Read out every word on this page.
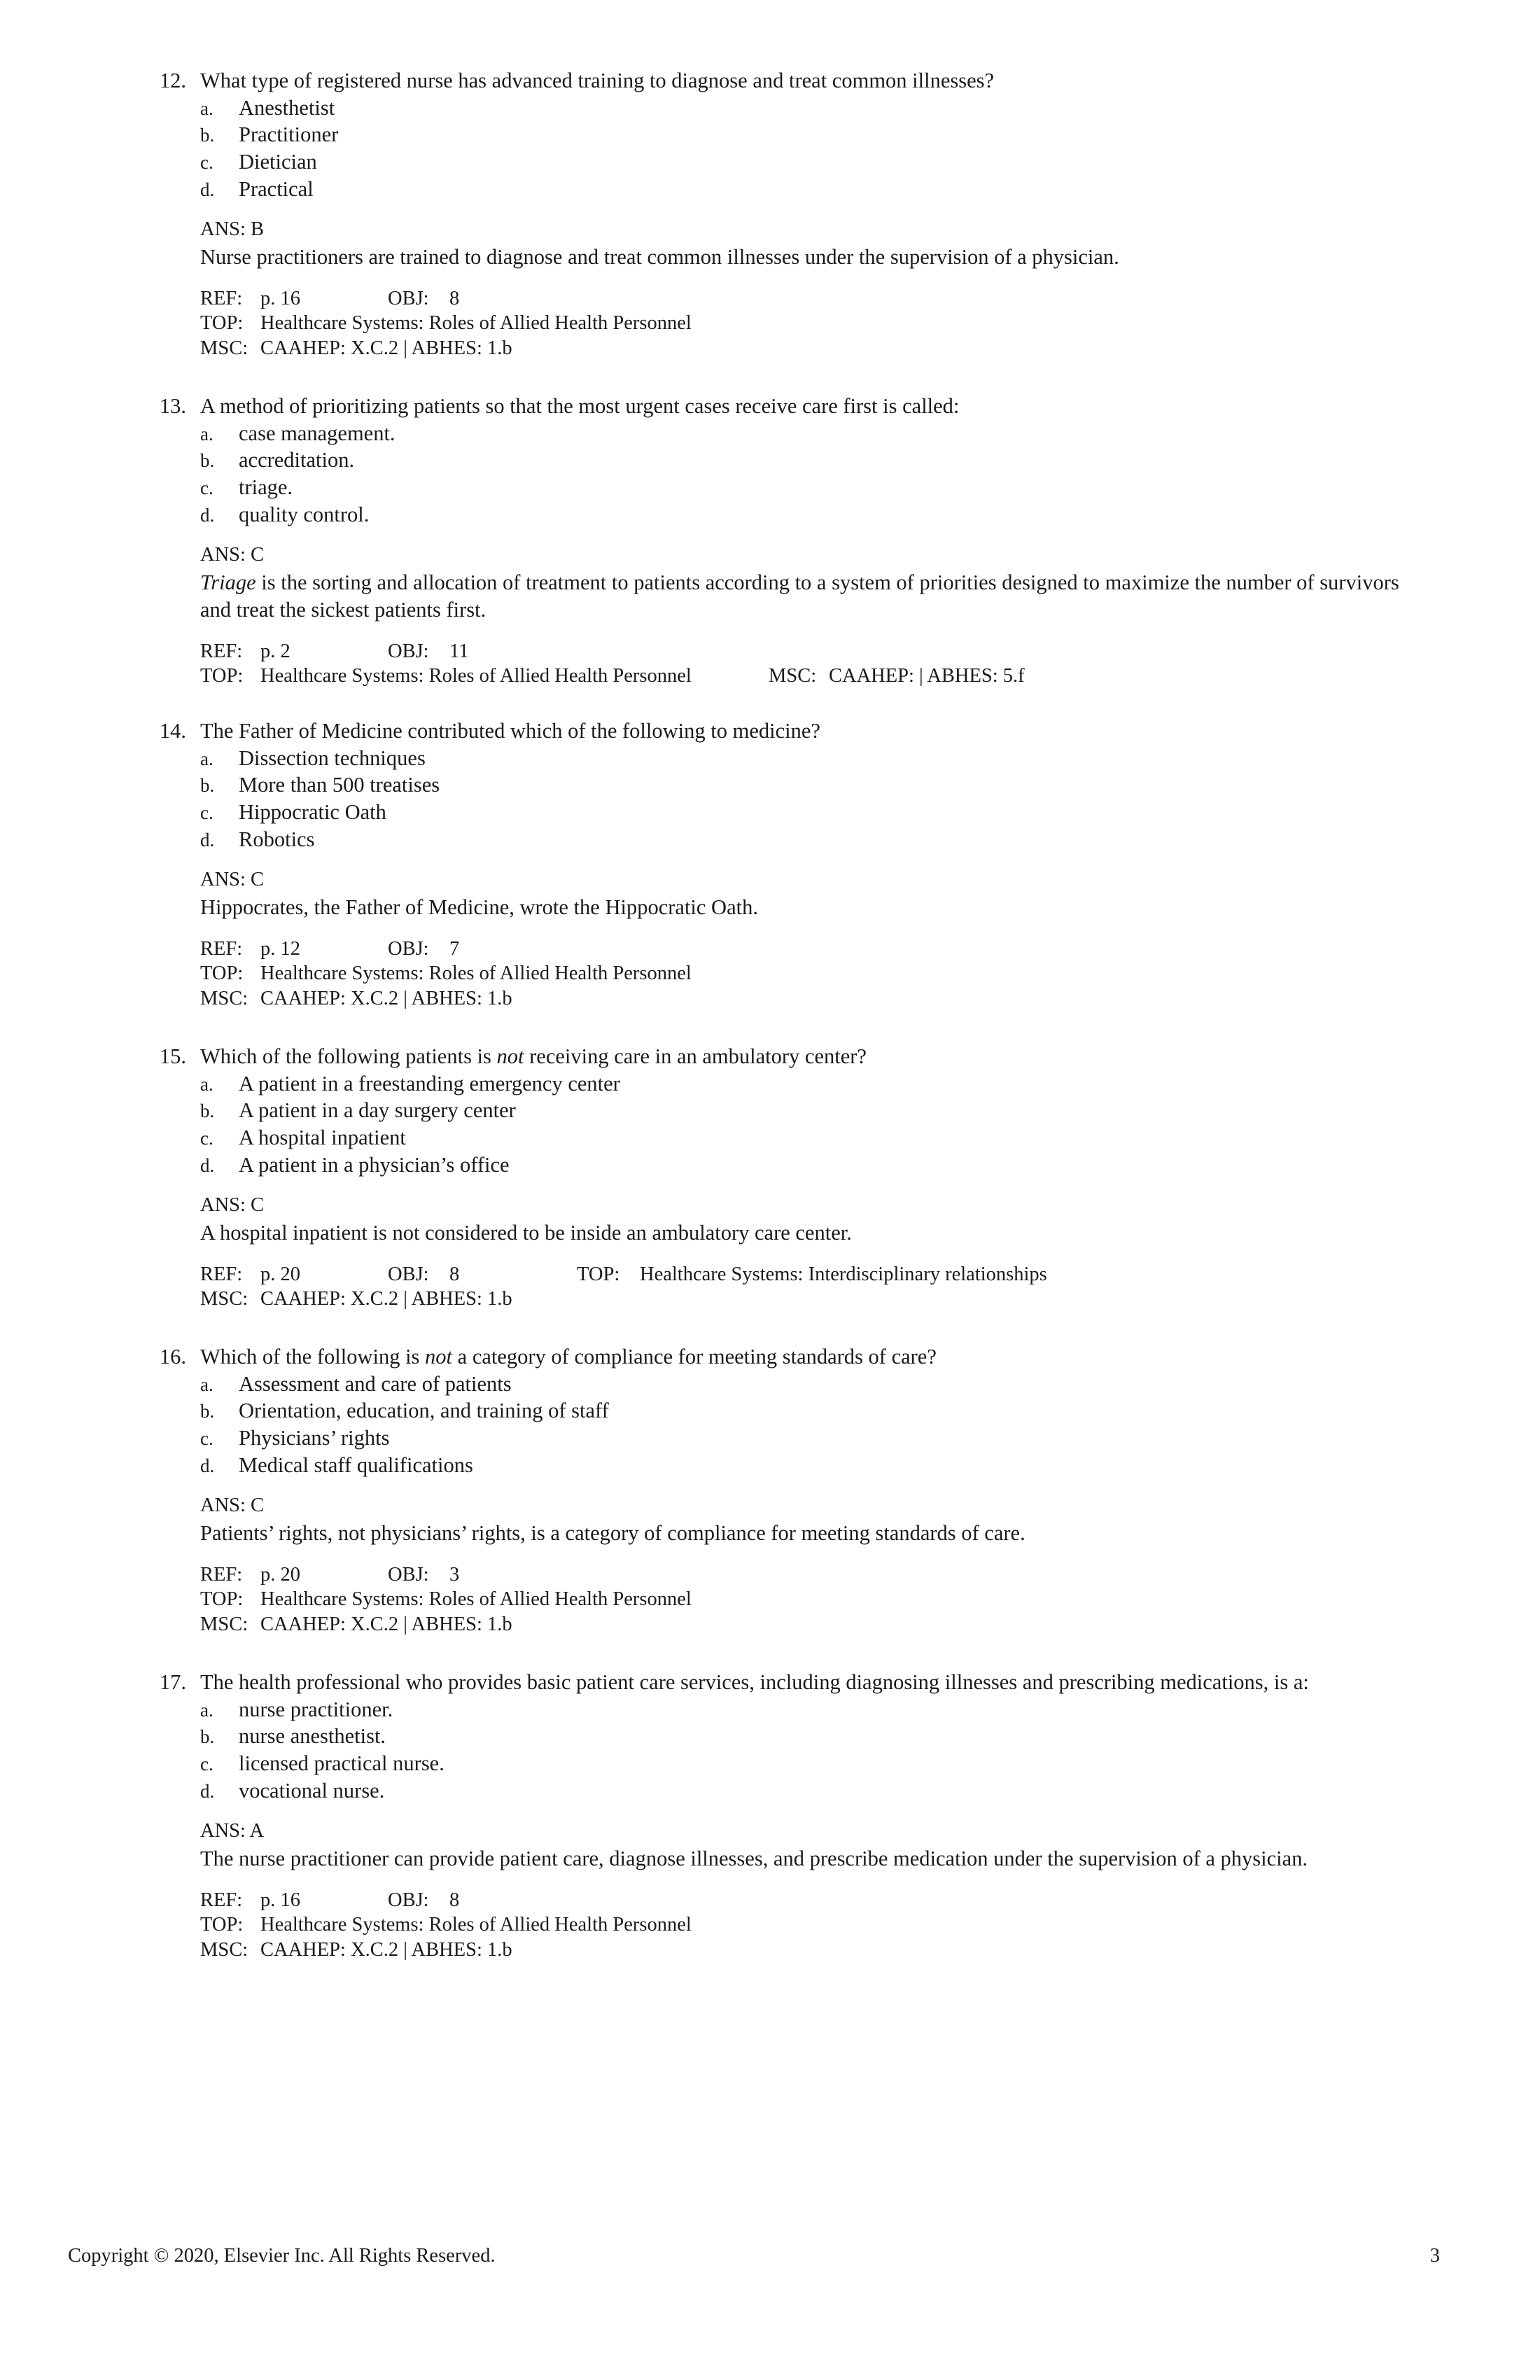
12. What type of registered nurse has advanced training to diagnose and treat common illnesses?
a. Anesthetist
b. Practitioner
c. Dietician
d. Practical
ANS: B
Nurse practitioners are trained to diagnose and treat common illnesses under the supervision of a physician.
REF: p. 16	OBJ: 8
TOP: Healthcare Systems: Roles of Allied Health Personnel
MSC: CAAHEP: X.C.2 | ABHES: 1.b
13. A method of prioritizing patients so that the most urgent cases receive care first is called:
a. case management.
b. accreditation.
c. triage.
d. quality control.
ANS: C
Triage is the sorting and allocation of treatment to patients according to a system of priorities designed to maximize the number of survivors and treat the sickest patients first.
REF: p. 2	OBJ: 11
TOP: Healthcare Systems: Roles of Allied Health Personnel	MSC: CAAHEP: | ABHES: 5.f
14. The Father of Medicine contributed which of the following to medicine?
a. Dissection techniques
b. More than 500 treatises
c. Hippocratic Oath
d. Robotics
ANS: C
Hippocrates, the Father of Medicine, wrote the Hippocratic Oath.
REF: p. 12	OBJ: 7
TOP: Healthcare Systems: Roles of Allied Health Personnel
MSC: CAAHEP: X.C.2 | ABHES: 1.b
15. Which of the following patients is not receiving care in an ambulatory center?
a. A patient in a freestanding emergency center
b. A patient in a day surgery center
c. A hospital inpatient
d. A patient in a physician’s office
ANS: C
A hospital inpatient is not considered to be inside an ambulatory care center.
REF: p. 20	OBJ: 8	TOP: Healthcare Systems: Interdisciplinary relationships
MSC: CAAHEP: X.C.2 | ABHES: 1.b
16. Which of the following is not a category of compliance for meeting standards of care?
a. Assessment and care of patients
b. Orientation, education, and training of staff
c. Physicians’ rights
d. Medical staff qualifications
ANS: C
Patients’ rights, not physicians’ rights, is a category of compliance for meeting standards of care.
REF: p. 20	OBJ: 3
TOP: Healthcare Systems: Roles of Allied Health Personnel
MSC: CAAHEP: X.C.2 | ABHES: 1.b
17. The health professional who provides basic patient care services, including diagnosing illnesses and prescribing medications, is a:
a. nurse practitioner.
b. nurse anesthetist.
c. licensed practical nurse.
d. vocational nurse.
ANS: A
The nurse practitioner can provide patient care, diagnose illnesses, and prescribe medication under the supervision of a physician.
REF: p. 16	OBJ: 8
TOP: Healthcare Systems: Roles of Allied Health Personnel
MSC: CAAHEP: X.C.2 | ABHES: 1.b
Copyright © 2020, Elsevier Inc. All Rights Reserved.	3
